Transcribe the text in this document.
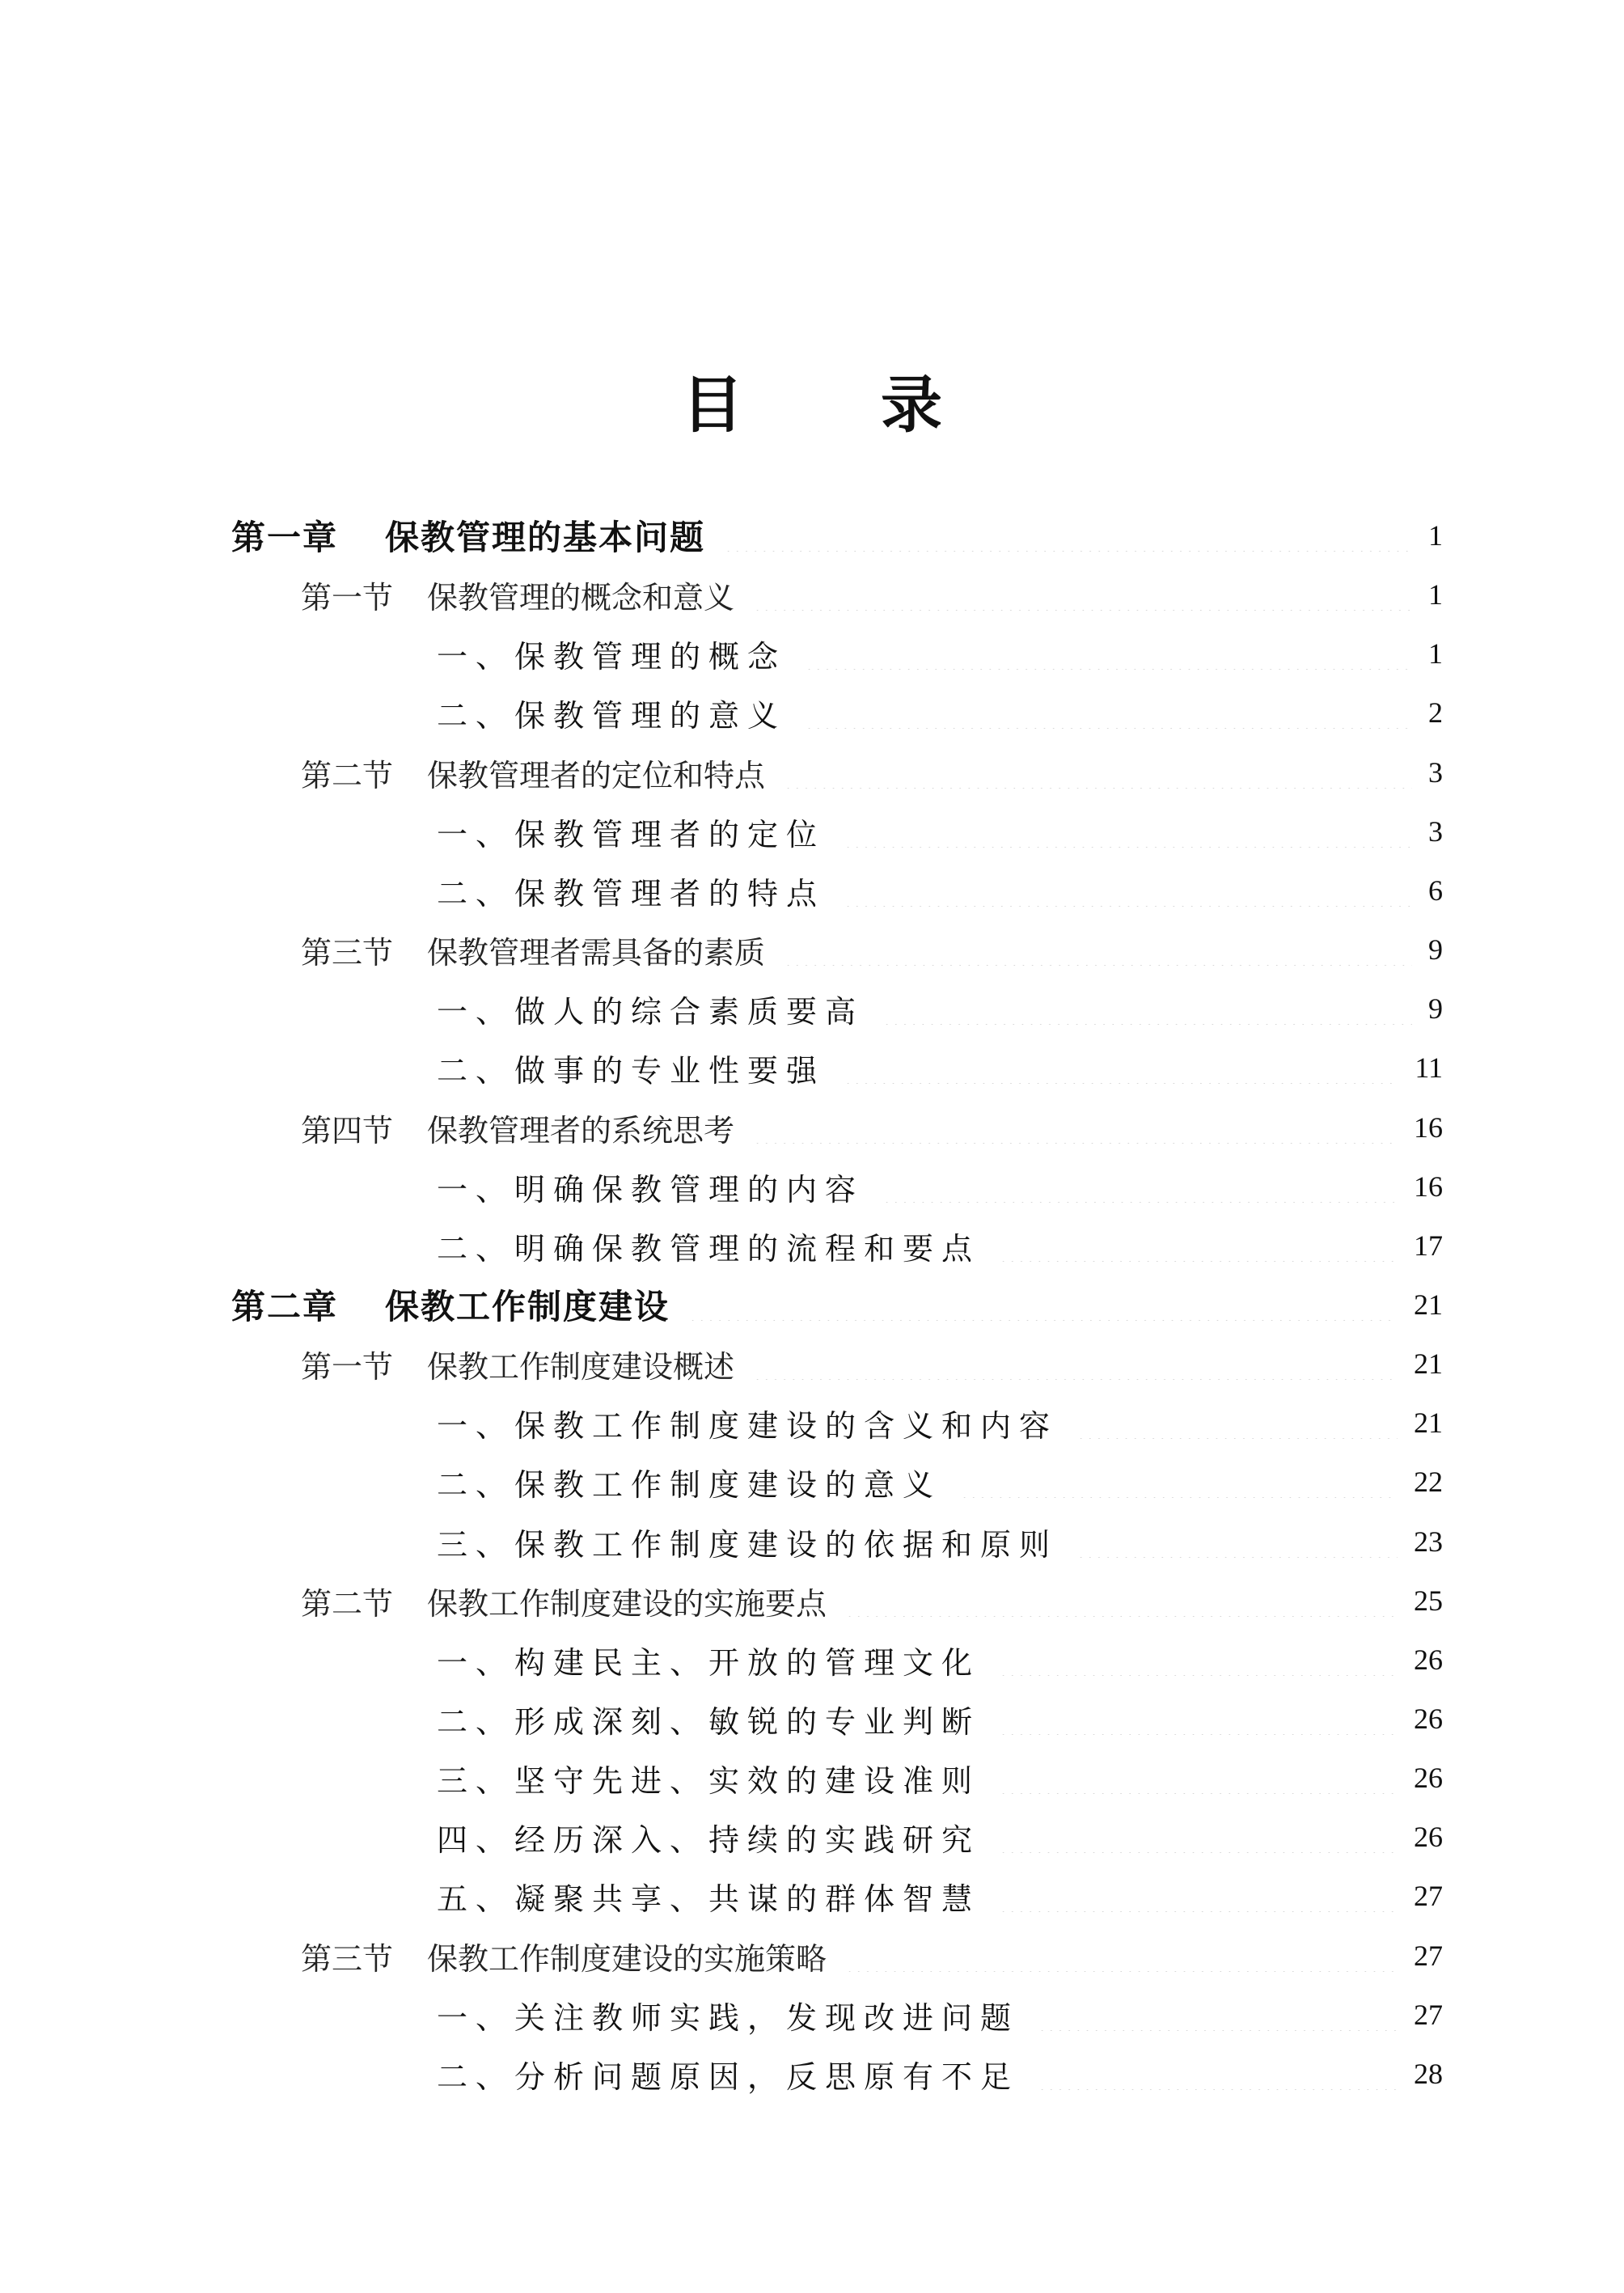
目 录
第一章	保教管理的基本问题	1
第一节	保教管理的概念和意义	1
一、保教管理的概念	1
二、保教管理的意义	2
第二节	保教管理者的定位和特点	3
一、保教管理者的定位	3
二、保教管理者的特点	6
第三节	保教管理者需具备的素质	9
一、做人的综合素质要高	9
二、做事的专业性要强	11
第四节	保教管理者的系统思考	16
一、明确保教管理的内容	16
二、明确保教管理的流程和要点	17
第二章	保教工作制度建设	21
第一节	保教工作制度建设概述	21
一、保教工作制度建设的含义和内容	21
二、保教工作制度建设的意义	22
三、保教工作制度建设的依据和原则	23
第二节	保教工作制度建设的实施要点	25
一、构建民主、开放的管理文化	26
二、形成深刻、敏锐的专业判断	26
三、坚守先进、实效的建设准则	26
四、经历深入、持续的实践研究	26
五、凝聚共享、共谋的群体智慧	27
第三节	保教工作制度建设的实施策略	27
一、关注教师实践，发现改进问题	27
二、分析问题原因，反思原有不足	28
